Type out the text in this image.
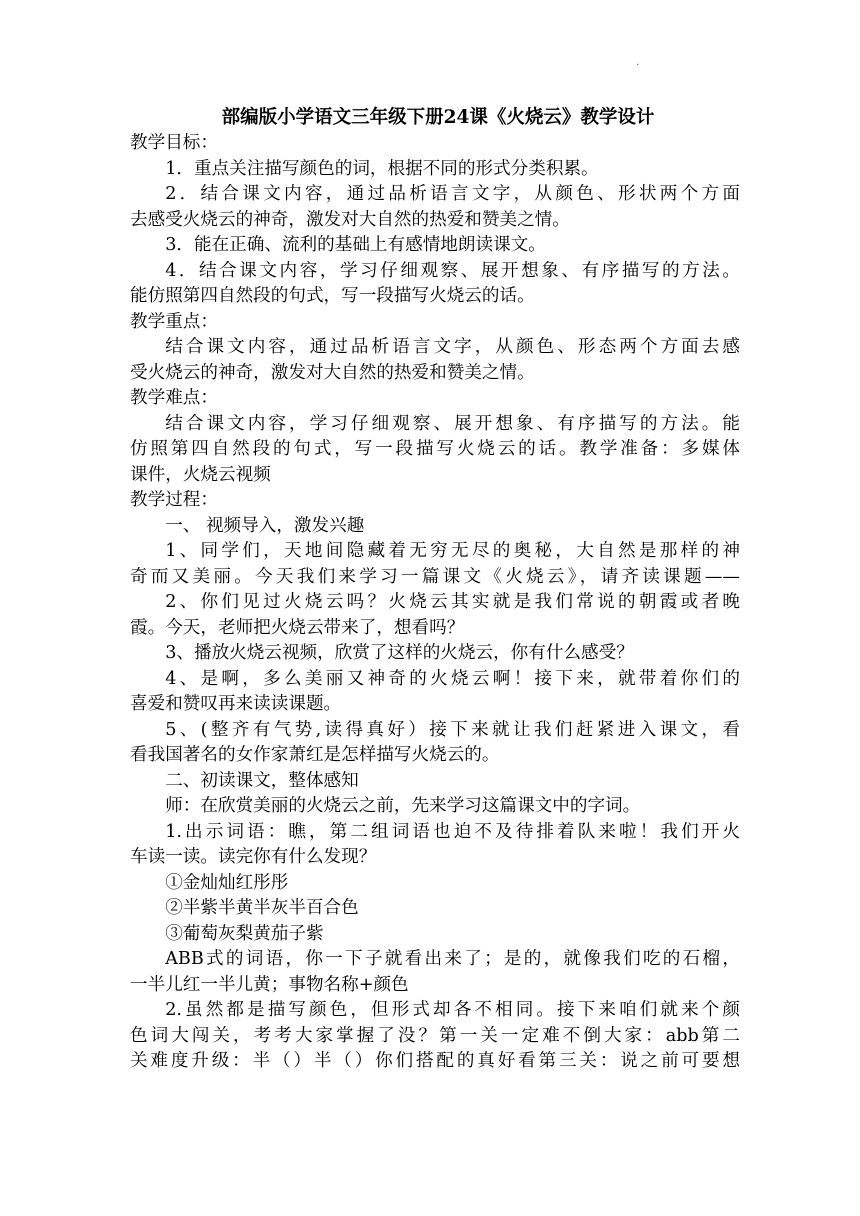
.
部编版小学语文三年级下册24课《火烧云》教学设计

教学目标：

1．重点关注描写颜色的词，根据不同的形式分类积累。

2．结合课文内容，通过品析语言文字，从颜色、形状两个方面

去感受火烧云的神奇，激发对大自然的热爱和赞美之情。

3．能在正确、流利的基础上有感情地朗读课文。

4．结合课文内容，学习仔细观察、展开想象、有序描写的方法。

能仿照第四自然段的句式，写一段描写火烧云的话。

教学重点：

结合课文内容，通过品析语言文字，从颜色、形态两个方面去感

受火烧云的神奇，激发对大自然的热爱和赞美之情。

教学难点：

结合课文内容，学习仔细观察、展开想象、有序描写的方法。能

仿照第四自然段的句式，写一段描写火烧云的话。教学准备：多媒体

课件，火烧云视频

教学过程：

一、 视频导入，激发兴趣

1、同学们，天地间隐藏着无穷无尽的奥秘，大自然是那样的神

奇而又美丽。今天我们来学习一篇课文《火烧云》，请齐读课题——

2、你们见过火烧云吗？火烧云其实就是我们常说的朝霞或者晚

霞。今天，老师把火烧云带来了，想看吗？

3、播放火烧云视频，欣赏了这样的火烧云，你有什么感受？

4、是啊，多么美丽又神奇的火烧云啊！接下来，就带着你们的

喜爱和赞叹再来读读课题。

5、(整齐有气势,读得真好）接下来就让我们赶紧进入课文，看

看我国著名的女作家萧红是怎样描写火烧云的。

二、初读课文，整体感知

师：在欣赏美丽的火烧云之前，先来学习这篇课文中的字词。

1.出示词语：瞧，第二组词语也迫不及待排着队来啦！我们开火

车读一读。读完你有什么发现？

①金灿灿红彤彤

②半紫半黄半灰半百合色

③葡萄灰梨黄茄子紫

ABB式的词语，你一下子就看出来了；是的，就像我们吃的石榴，

一半儿红一半儿黄；事物名称+颜色

2.虽然都是描写颜色，但形式却各不相同。接下来咱们就来个颜

色词大闯关，考考大家掌握了没？第一关一定难不倒大家：abb第二

关难度升级：半（）半（）你们搭配的真好看第三关：说之前可要想
